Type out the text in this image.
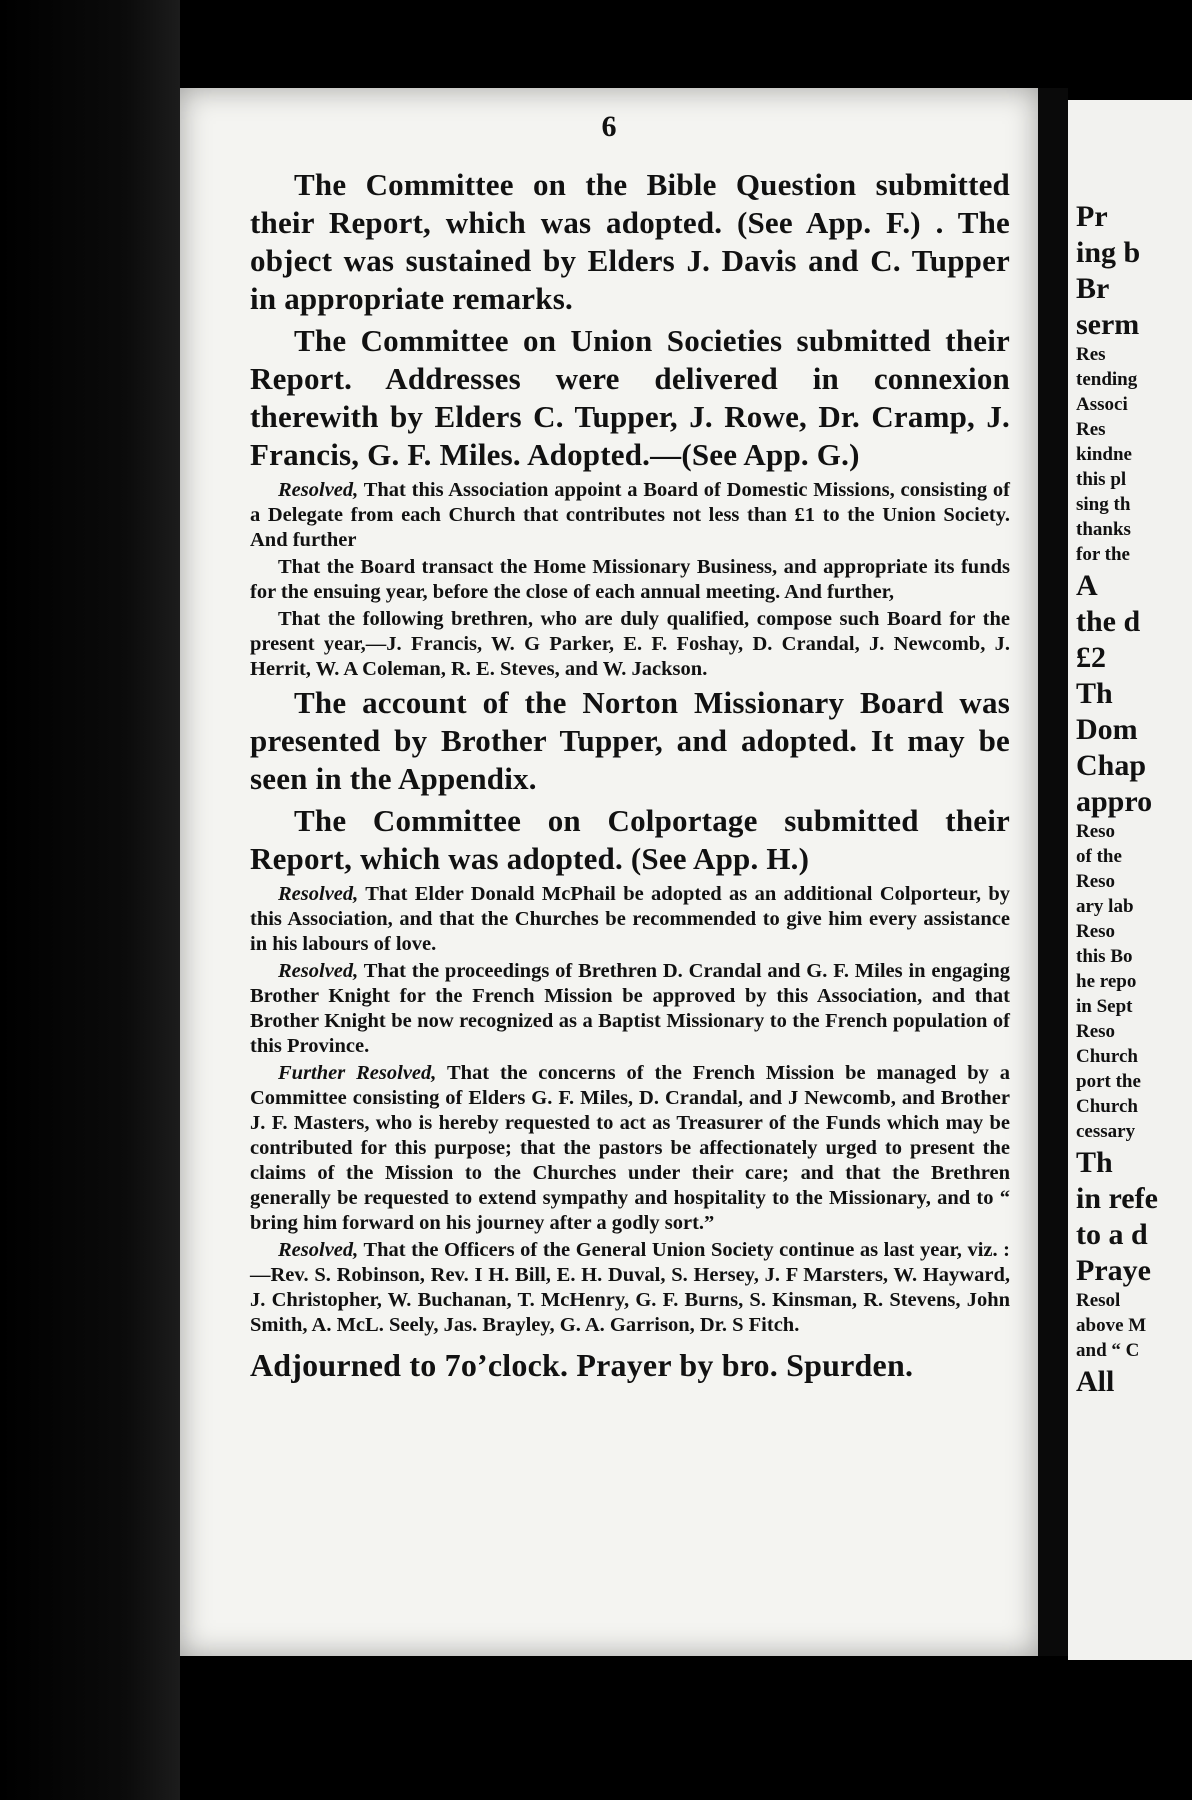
6

The Committee on the Bible Question submitted their Report, which was adopted. (See App. F.) . The object was sustained by Elders J. Davis and C. Tupper in appropriate remarks.

The Committee on Union Societies submitted their Report. Addresses were delivered in connexion therewith by Elders C. Tupper, J. Rowe, Dr. Cramp, J. Francis, G. F. Miles. Adopted.—(See App. G.)

Resolved, That this Association appoint a Board of Domestic Missions, consisting of a Delegate from each Church that contributes not less than £1 to the Union Society. And further

That the Board transact the Home Missionary Business, and appropriate its funds for the ensuing year, before the close of each annual meeting. And further,

That the following brethren, who are duly qualified, compose such Board for the present year,—J. Francis, W. G Parker, E. F. Foshay, D. Crandal, J. Newcomb, J. Herrit, W. A Coleman, R. E. Steves, and W. Jackson.

The account of the Norton Missionary Board was presented by Brother Tupper, and adopted. It may be seen in the Appendix.

The Committee on Colportage submitted their Report, which was adopted. (See App. H.)

Resolved, That Elder Donald McPhail be adopted as an additional Colporteur, by this Association, and that the Churches be recommended to give him every assistance in his labours of love.

Resolved, That the proceedings of Brethren D. Crandal and G. F. Miles in engaging Brother Knight for the French Mission be approved by this Association, and that Brother Knight be now recognized as a Baptist Missionary to the French population of this Province.

Further Resolved, That the concerns of the French Mission be managed by a Committee consisting of Elders G. F. Miles, D. Crandal, and J Newcomb, and Brother J. F. Masters, who is hereby requested to act as Treasurer of the Funds which may be contributed for this purpose; that the pastors be affectionately urged to present the claims of the Mission to the Churches under their care; and that the Brethren generally be requested to extend sympathy and hospitality to the Missionary, and to “ bring him forward on his journey after a godly sort.”

Resolved, That the Officers of the General Union Society continue as last year, viz. :—Rev. S. Robinson, Rev. I H. Bill, E. H. Duval, S. Hersey, J. F Marsters, W. Hayward, J. Christopher, W. Buchanan, T. McHenry, G. F. Burns, S. Kinsman, R. Stevens, John Smith, A. McL. Seely, Jas. Brayley, G. A. Garrison, Dr. S Fitch.

Adjourned to 7o’clock. Prayer by bro. Spurden.

Pr
ing b
Br
serm
Res
tending
Associ
Res
kindne
this pl
sing th
thanks
for the
A
the d
£2
Th
Dom
Chap
appro
Reso
of the
Reso
ary lab
Reso
this Bo
he repo
in Sept
Reso
Church
port the
Church
cessary
Th
in refe
to a d
Praye
Resol
above M
and “ C
All
